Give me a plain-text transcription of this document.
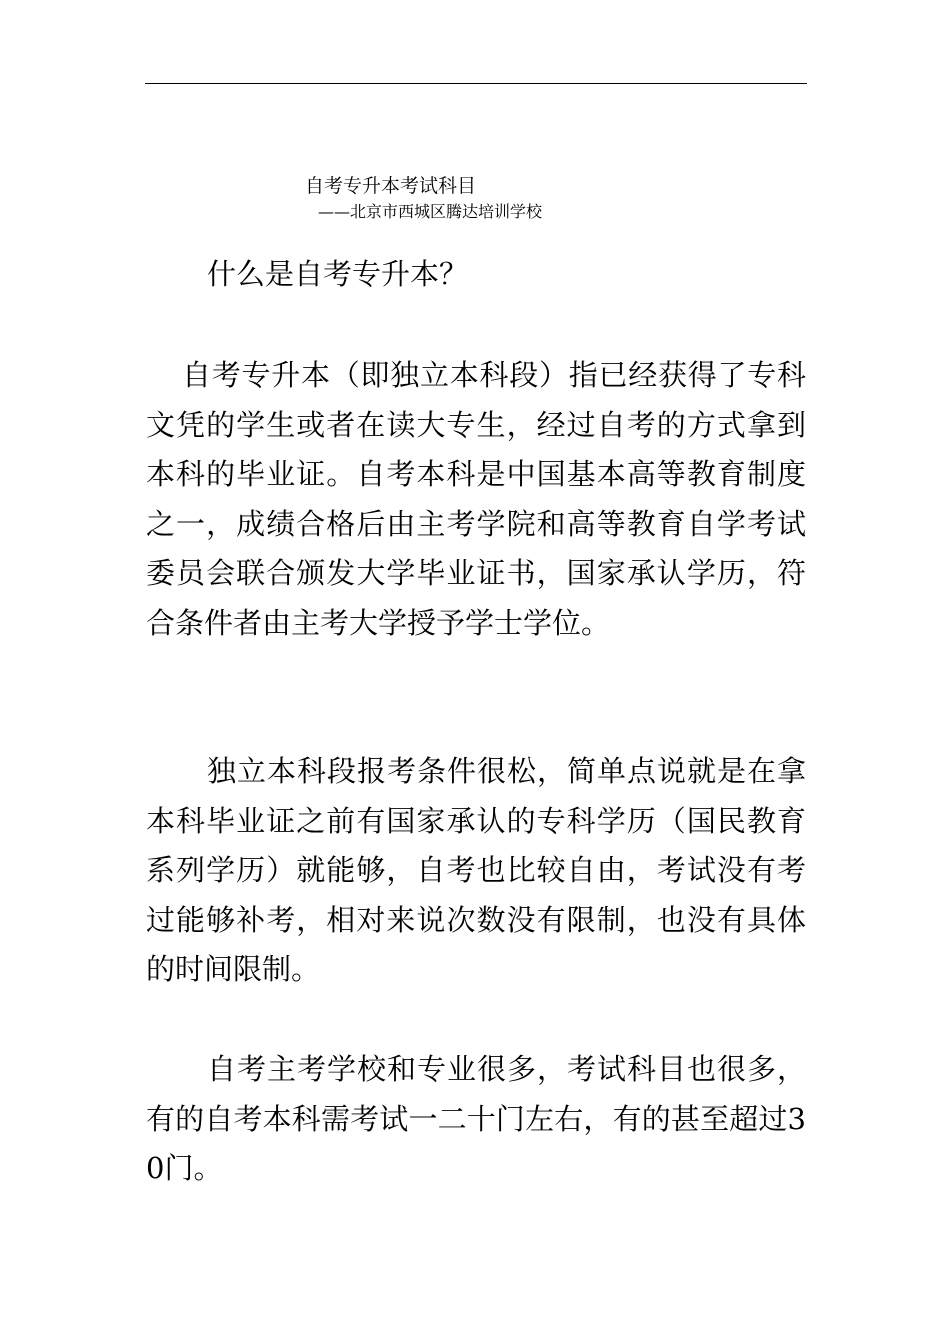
自考专升本考试科目
——北京市西城区腾达培训学校
什么是自考专升本？

自考专升本（即独立本科段）指已经获得了专科文凭的学生或者在读大专生，经过自考的方式拿到本科的毕业证。自考本科是中国基本高等教育制度之一，成绩合格后由主考学院和高等教育自学考试委员会联合颁发大学毕业证书，国家承认学历，符合条件者由主考大学授予学士学位。

独立本科段报考条件很松，简单点说就是在拿本科毕业证之前有国家承认的专科学历（国民教育系列学历）就能够，自考也比较自由，考试没有考过能够补考，相对来说次数没有限制，也没有具体的时间限制。

自考主考学校和专业很多，考试科目也很多，有的自考本科需考试一二十门左右，有的甚至超过30门。
